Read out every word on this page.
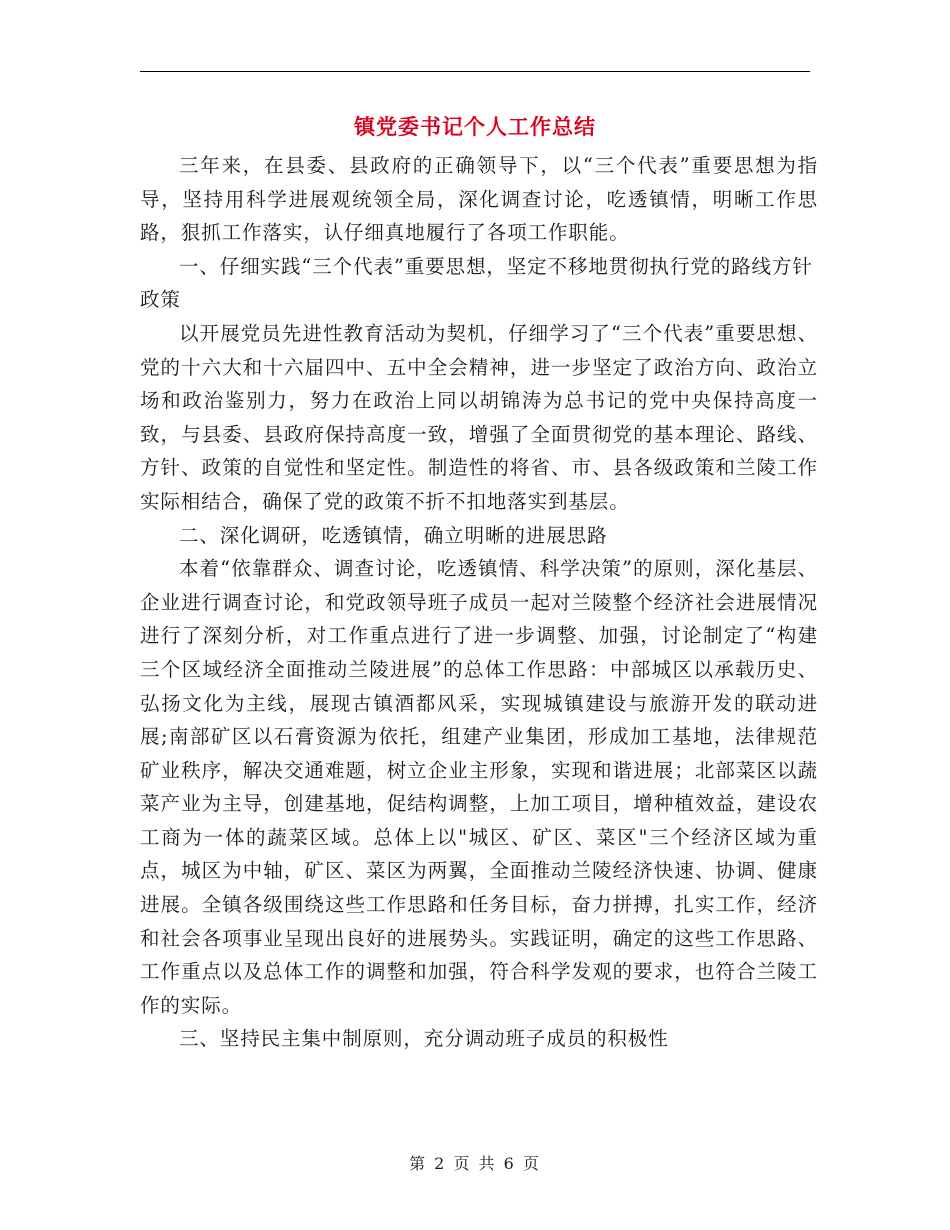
镇党委书记个人工作总结

三年来，在县委、县政府的正确领导下，以“三个代表”重要思想为指导，坚持用科学进展观统领全局，深化调查讨论，吃透镇情，明晰工作思路，狠抓工作落实，认仔细真地履行了各项工作职能。

一、仔细实践“三个代表”重要思想，坚定不移地贯彻执行党的路线方针政策

以开展党员先进性教育活动为契机，仔细学习了“三个代表”重要思想、党的十六大和十六届四中、五中全会精神，进一步坚定了政治方向、政治立场和政治鉴别力，努力在政治上同以胡锦涛为总书记的党中央保持高度一致，与县委、县政府保持高度一致，增强了全面贯彻党的基本理论、路线、方针、政策的自觉性和坚定性。制造性的将省、市、县各级政策和兰陵工作实际相结合，确保了党的政策不折不扣地落实到基层。

二、深化调研，吃透镇情，确立明晰的进展思路

本着“依靠群众、调查讨论，吃透镇情、科学决策”的原则，深化基层、企业进行调查讨论，和党政领导班子成员一起对兰陵整个经济社会进展情况进行了深刻分析，对工作重点进行了进一步调整、加强，讨论制定了“构建三个区域经济全面推动兰陵进展”的总体工作思路：中部城区以承载历史、弘扬文化为主线，展现古镇酒都风采，实现城镇建设与旅游开发的联动进展;南部矿区以石膏资源为依托，组建产业集团，形成加工基地，法律规范矿业秩序，解决交通难题，树立企业主形象，实现和谐进展；北部菜区以蔬菜产业为主导，创建基地，促结构调整，上加工项目，增种植效益，建设农工商为一体的蔬菜区域。总体上以"城区、矿区、菜区"三个经济区域为重点，城区为中轴，矿区、菜区为两翼，全面推动兰陵经济快速、协调、健康进展。全镇各级围绕这些工作思路和任务目标，奋力拼搏，扎实工作，经济和社会各项事业呈现出良好的进展势头。实践证明，确定的这些工作思路、工作重点以及总体工作的调整和加强，符合科学发观的要求，也符合兰陵工作的实际。

三、坚持民主集中制原则，充分调动班子成员的积极性

第 2 页 共 6 页
